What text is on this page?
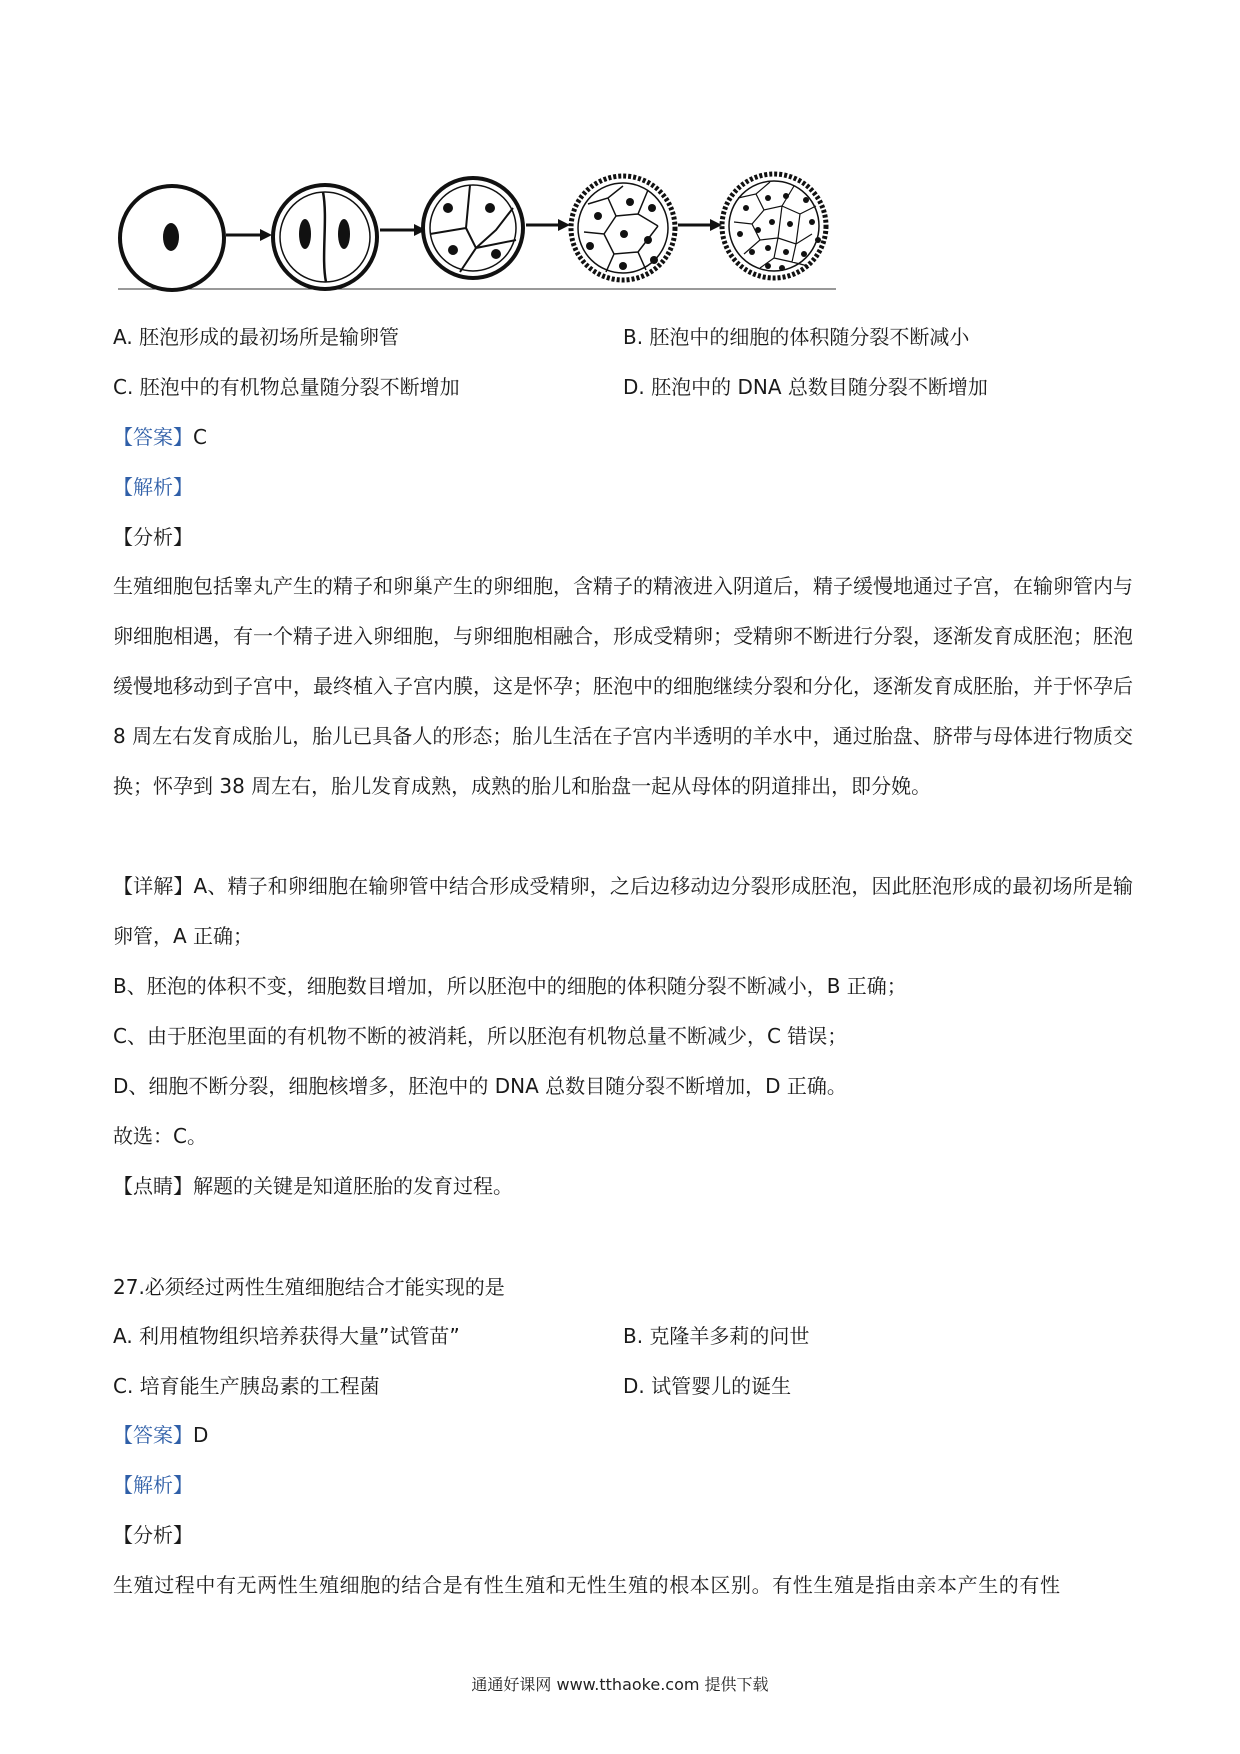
A. 胚泡形成的最初场所是输卵管	B. 胚泡中的细胞的体积随分裂不断减小
C. 胚泡中的有机物总量随分裂不断增加	D. 胚泡中的 DNA 总数目随分裂不断增加
【答案】C
【解析】
【分析】
生殖细胞包括睾丸产生的精子和卵巢产生的卵细胞，含精子的精液进入阴道后，精子缓慢地通过子宫，在输卵管内与卵细胞相遇，有一个精子进入卵细胞，与卵细胞相融合，形成受精卵；受精卵不断进行分裂，逐渐发育成胚泡；胚泡缓慢地移动到子宫中，最终植入子宫内膜，这是怀孕；胚泡中的细胞继续分裂和分化，逐渐发育成胚胎，并于怀孕后 8 周左右发育成胎儿，胎儿已具备人的形态；胎儿生活在子宫内半透明的羊水中，通过胎盘、脐带与母体进行物质交换；怀孕到 38 周左右，胎儿发育成熟，成熟的胎儿和胎盘一起从母体的阴道排出，即分娩。
【详解】A、精子和卵细胞在输卵管中结合形成受精卵，之后边移动边分裂形成胚泡，因此胚泡形成的最初场所是输卵管，A 正确；
B、胚泡的体积不变，细胞数目增加，所以胚泡中的细胞的体积随分裂不断减小，B 正确；
C、由于胚泡里面的有机物不断的被消耗，所以胚泡有机物总量不断减少，C 错误；
D、细胞不断分裂，细胞核增多，胚泡中的 DNA 总数目随分裂不断增加，D 正确。
故选：C。
【点睛】解题的关键是知道胚胎的发育过程。
27.必须经过两性生殖细胞结合才能实现的是
A. 利用植物组织培养获得大量”试管苗”	B. 克隆羊多莉的问世
C. 培育能生产胰岛素的工程菌	D. 试管婴儿的诞生
【答案】D
【解析】
【分析】
生殖过程中有无两性生殖细胞的结合是有性生殖和无性生殖的根本区别。有性生殖是指由亲本产生的有性
通通好课网 www.tthaoke.com 提供下载
